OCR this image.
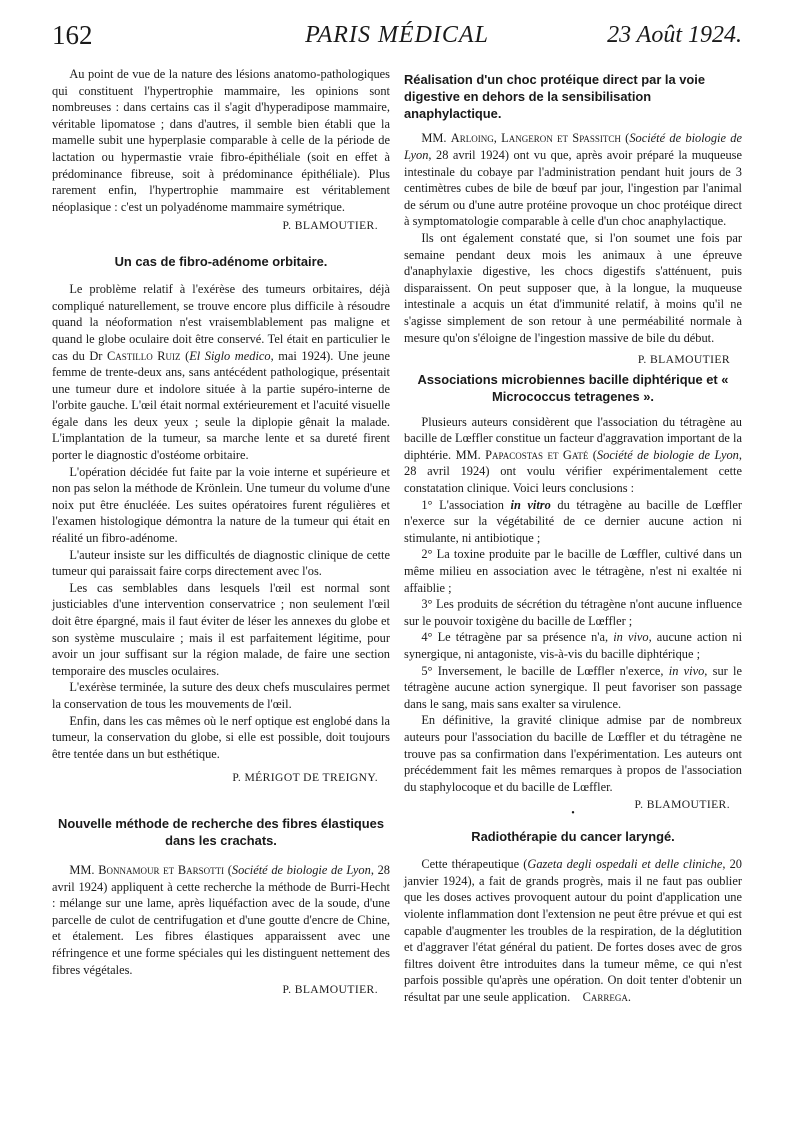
162	PARIS MÉDICAL	23 Août 1924.

Au point de vue de la nature des lésions anatomo-pathologiques qui constituent l'hypertrophie mammaire, les opinions sont nombreuses : dans certains cas il s'agit d'hyperadipose mammaire, véritable lipomatose ; dans d'autres, il semble bien établi que la mamelle subit une hyperplasie comparable à celle de la période de lactation ou hypermastie vraie fibro-épithéliale (soit en effet à prédominance fibreuse, soit à prédominance épithéliale). Plus rarement enfin, l'hypertrophie mammaire est véritablement néoplasique : c'est un polyadénome mammaire symétrique.

P. BLAMOUTIER.
Un cas de fibro-adénome orbitaire.

Le problème relatif à l'exérèse des tumeurs orbitaires, déjà compliqué naturellement, se trouve encore plus difficile à résoudre quand la néoformation n'est vraisemblablement pas maligne et quand le globe oculaire doit être conservé. Tel était en particulier le cas du Dr Castillo Ruiz (El Siglo medico, mai 1924). Une jeune femme de trente-deux ans, sans antécédent pathologique, présentait une tumeur dure et indolore située à la partie supéro-interne de l'orbite gauche. L'œil était normal extérieurement et l'acuité visuelle égale dans les deux yeux ; seule la diplopie gênait la malade. L'implantation de la tumeur, sa marche lente et sa dureté firent porter le diagnostic d'ostéome orbitaire.

L'opération décidée fut faite par la voie interne et supérieure et non pas selon la méthode de Krönlein. Une tumeur du volume d'une noix put être énucléée. Les suites opératoires furent régulières et l'examen histologique démontra la nature de la tumeur qui était en réalité un fibro-adénome.

L'auteur insiste sur les difficultés de diagnostic clinique de cette tumeur qui paraissait faire corps directement avec l'os.

Les cas semblables dans lesquels l'œil est normal sont justiciables d'une intervention conservatrice ; non seulement l'œil doit être épargné, mais il faut éviter de léser les annexes du globe et son système musculaire ; mais il est parfaitement légitime, pour avoir un jour suffisant sur la région malade, de faire une section temporaire des muscles oculaires.

L'exérèse terminée, la suture des deux chefs musculaires permet la conservation de tous les mouvements de l'œil.

Enfin, dans les cas mêmes où le nerf optique est englobé dans la tumeur, la conservation du globe, si elle est possible, doit toujours être tentée dans un but esthétique.

P. MÉRIGOT DE TREIGNY.
Nouvelle méthode de recherche des fibres élastiques dans les crachats.

MM. Bonnamour et Barsotti (Société de biologie de Lyon, 28 avril 1924) appliquent à cette recherche la méthode de Burri-Hecht : mélange sur une lame, après liquéfaction avec de la soude, d'une parcelle de culot de centrifugation et d'une goutte d'encre de Chine, et étalement. Les fibres élastiques apparaissent avec une réfringence et une forme spéciales qui les distinguent nettement des fibres végétales.

P. BLAMOUTIER.
Réalisation d'un choc protéique direct par la voie digestive en dehors de la sensibilisation anaphylactique.

MM. Arloing, Langeron et Spassitch (Société de biologie de Lyon, 28 avril 1924) ont vu que, après avoir préparé la muqueuse intestinale du cobaye par l'administration pendant huit jours de 3 centimètres cubes de bile de bœuf par jour, l'ingestion par l'animal de sérum ou d'une autre protéine provoque un choc protéique direct à symptomatologie comparable à celle d'un choc anaphylactique.

Ils ont également constaté que, si l'on soumet une fois par semaine pendant deux mois les animaux à une épreuve d'anaphylaxie digestive, les chocs digestifs s'atténuent, puis disparaissent. On peut supposer que, à la longue, la muqueuse intestinale a acquis un état d'immunité relatif, à moins qu'il ne s'agisse simplement de son retour à une perméabilité normale à mesure qu'on s'éloigne de l'ingestion massive de bile du début.

P. BLAMOUTIER
Associations microbiennes bacille diphtérique et « Micrococcus tetragenes ».

Plusieurs auteurs considèrent que l'association du tétragène au bacille de Lœffler constitue un facteur d'aggravation important de la diphtérie. MM. Papacostas et Gaté (Société de biologie de Lyon, 28 avril 1924) ont voulu vérifier expérimentalement cette constatation clinique. Voici leurs conclusions :

1° L'association in vitro du tétragène au bacille de Lœffler n'exerce sur la végétabilité de ce dernier aucune action ni stimulante, ni antibiotique ;

2° La toxine produite par le bacille de Lœffler, cultivé dans un même milieu en association avec le tétragène, n'est ni exaltée ni affaiblie ;

3° Les produits de sécrétion du tétragène n'ont aucune influence sur le pouvoir toxigène du bacille de Lœffler ;

4° Le tétragène par sa présence n'a, in vivo, aucune action ni synergique, ni antagoniste, vis-à-vis du bacille diphtérique ;

5° Inversement, le bacille de Lœffler n'exerce, in vivo, sur le tétragène aucune action synergique. Il peut favoriser son passage dans le sang, mais sans exalter sa virulence.

En définitive, la gravité clinique admise par de nombreux auteurs pour l'association du bacille de Lœffler et du tétragène ne trouve pas sa confirmation dans l'expérimentation. Les auteurs ont précédemment fait les mêmes remarques à propos de l'association du staphylocoque et du bacille de Lœffler.

P. BLAMOUTIER.
•
Radiothérapie du cancer laryngé.

Cette thérapeutique (Gazeta degli ospedali et delle cliniche, 20 janvier 1924), a fait de grands progrès, mais il ne faut pas oublier que les doses actives provoquent autour du point d'application une violente inflammation dont l'extension ne peut être prévue et qui est capable d'augmenter les troubles de la respiration, de la déglutition et d'aggraver l'état général du patient. De fortes doses avec de gros filtres doivent être introduites dans la tumeur même, ce qui n'est parfois possible qu'après une opération. On doit tenter d'obtenir un résultat par une seule application. Carrega.
